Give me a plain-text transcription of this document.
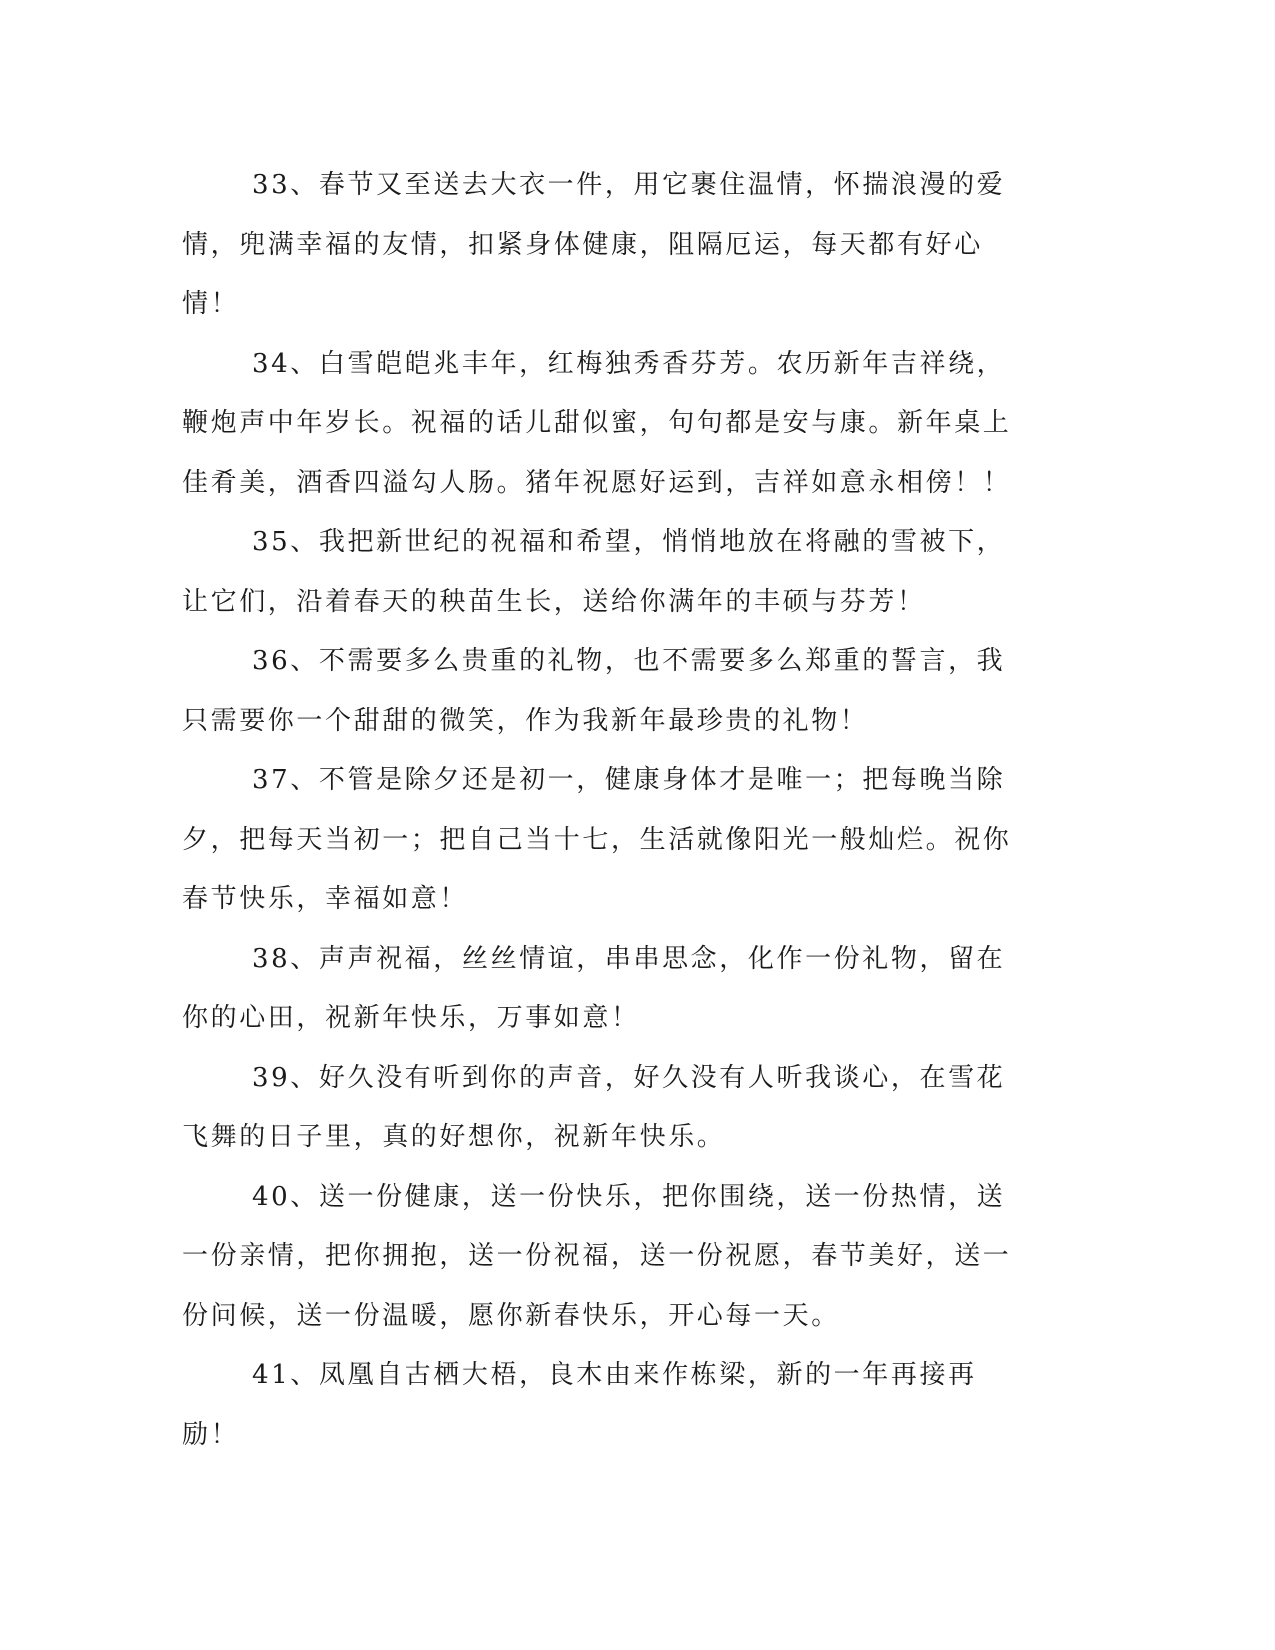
33、春节又至送去大衣一件，用它裹住温情，怀揣浪漫的爱情，兜满幸福的友情，扣紧身体健康，阻隔厄运，每天都有好心情！

34、白雪皑皑兆丰年，红梅独秀香芬芳。农历新年吉祥绕，鞭炮声中年岁长。祝福的话儿甜似蜜，句句都是安与康。新年桌上佳肴美，酒香四溢勾人肠。猪年祝愿好运到，吉祥如意永相傍！！

35、我把新世纪的祝福和希望，悄悄地放在将融的雪被下，让它们，沿着春天的秧苗生长，送给你满年的丰硕与芬芳！

36、不需要多么贵重的礼物，也不需要多么郑重的誓言，我只需要你一个甜甜的微笑，作为我新年最珍贵的礼物！

37、不管是除夕还是初一，健康身体才是唯一；把每晚当除夕，把每天当初一；把自己当十七，生活就像阳光一般灿烂。祝你春节快乐，幸福如意！

38、声声祝福，丝丝情谊，串串思念，化作一份礼物，留在你的心田，祝新年快乐，万事如意！

39、好久没有听到你的声音，好久没有人听我谈心，在雪花飞舞的日子里，真的好想你，祝新年快乐。

40、送一份健康，送一份快乐，把你围绕，送一份热情，送一份亲情，把你拥抱，送一份祝福，送一份祝愿，春节美好，送一份问候，送一份温暖，愿你新春快乐，开心每一天。

41、凤凰自古栖大梧，良木由来作栋梁，新的一年再接再励！
